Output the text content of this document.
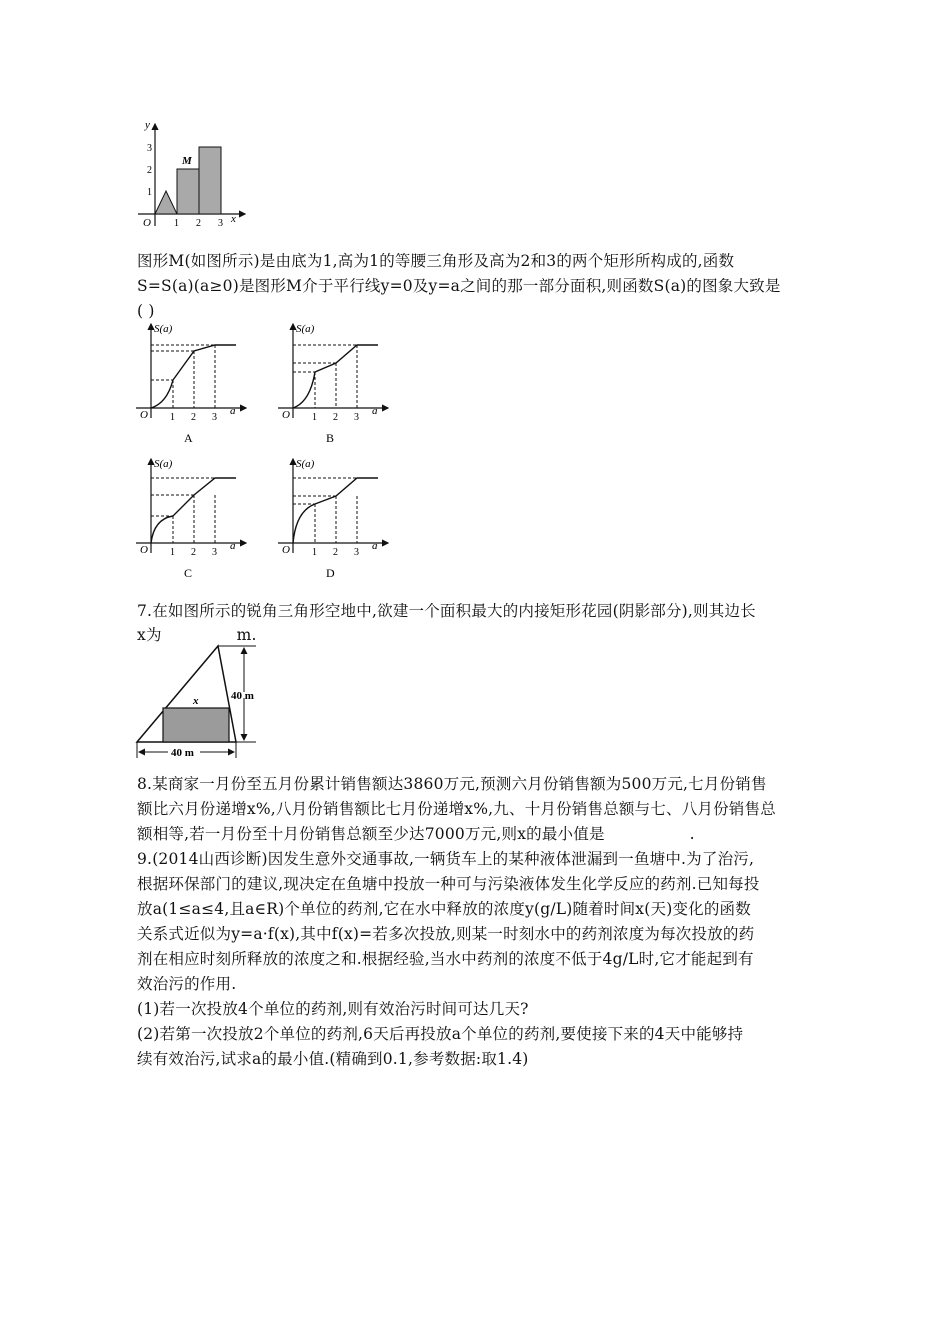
y
x
O
1
2
3
1 2 3
M
图形M(如图所示)是由底为1,高为1的等腰三角形及高为2和3的两个矩形所构成的,函数
S=S(a)(a≥0)是图形M介于平行线y=0及y=a之间的那一部分面积,则函数S(a)的图象大致是
( )
S(a)
a
O 1 2 3
A
S(a)
a
O 1 2 3
B
S(a)
a
O 1 2 3
C
S(a)
a
O 1 2 3
D
7.在如图所示的锐角三角形空地中,欲建一个面积最大的内接矩形花园(阴影部分),则其边长
x为	m.
40 m
40 m
x
8.某商家一月份至五月份累计销售额达3860万元,预测六月份销售额为500万元,七月份销售
额比六月份递增x%,八月份销售额比七月份递增x%,九、十月份销售总额与七、八月份销售总
额相等,若一月份至十月份销售总额至少达7000万元,则x的最小值是	.
9.(2014山西诊断)因发生意外交通事故,一辆货车上的某种液体泄漏到一鱼塘中.为了治污,
根据环保部门的建议,现决定在鱼塘中投放一种可与污染液体发生化学反应的药剂.已知每投
放a(1≤a≤4,且a∈R)个单位的药剂,它在水中释放的浓度y(g/L)随着时间x(天)变化的函数
关系式近似为y=a·f(x),其中f(x)=若多次投放,则某一时刻水中的药剂浓度为每次投放的药
剂在相应时刻所释放的浓度之和.根据经验,当水中药剂的浓度不低于4g/L时,它才能起到有
效治污的作用.
(1)若一次投放4个单位的药剂,则有效治污时间可达几天?
(2)若第一次投放2个单位的药剂,6天后再投放a个单位的药剂,要使接下来的4天中能够持
续有效治污,试求a的最小值.(精确到0.1,参考数据:取1.4)
